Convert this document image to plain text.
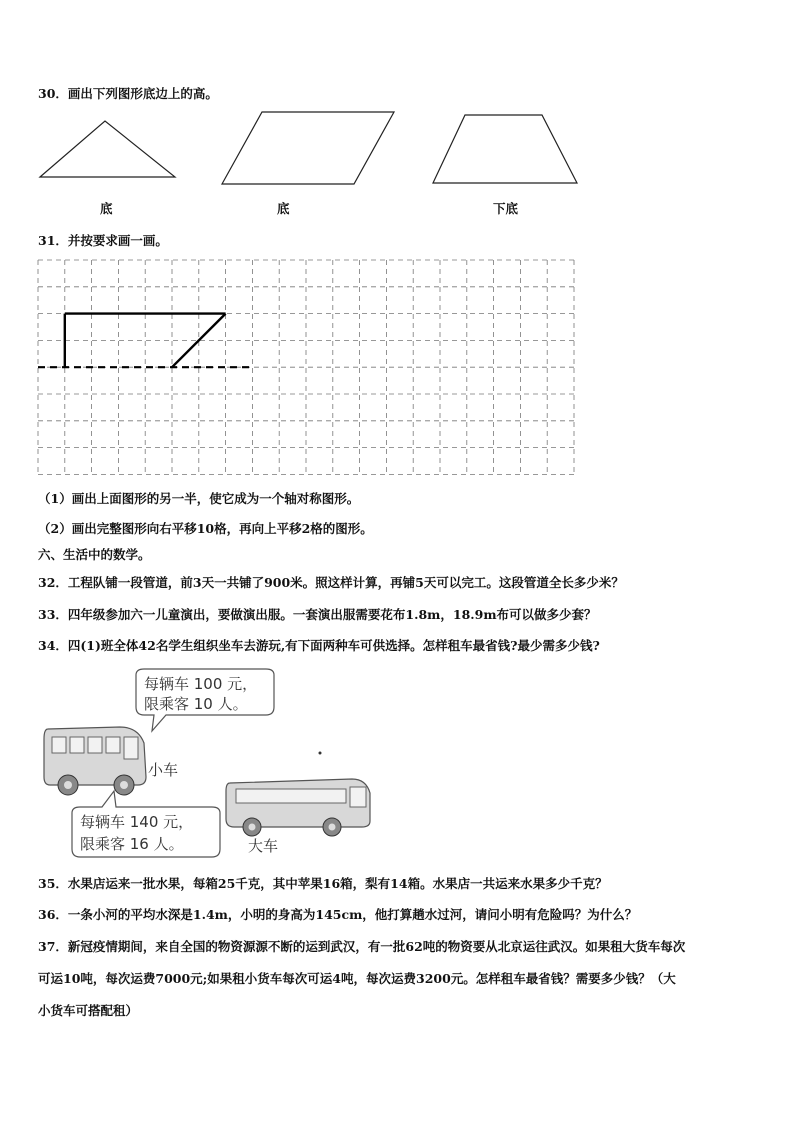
30．画出下列图形底边上的高。
底	底	下底
31．并按要求画一画。
（1）画出上面图形的另一半，使它成为一个轴对称图形。
（2）画出完整图形向右平移10格，再向上平移2格的图形。
六、生活中的数学。
32．工程队铺一段管道，前3天一共铺了900米。照这样计算，再铺5天可以完工。这段管道全长多少米？
33．四年级参加六一儿童演出，要做演出服。一套演出服需要花布1.8m，18.9m布可以做多少套？
34．四(1)班全体42名学生组织坐车去游玩,有下面两种车可供选择。怎样租车最省钱?最少需多少钱?
每辆车 100 元，
限乘客 10 人。
小车
大车
每辆车 140 元，
限乘客 16 人。
35．水果店运来一批水果，每箱25千克，其中苹果16箱，梨有14箱。水果店一共运来水果多少千克？
36．一条小河的平均水深是1.4m，小明的身高为145cm，他打算趟水过河，请问小明有危险吗？为什么？
37．新冠疫情期间，来自全国的物资源源不断的运到武汉，有一批62吨的物资要从北京运往武汉。如果租大货车每次
可运10吨，每次运费7000元;如果租小货车每次可运4吨，每次运费3200元。怎样租车最省钱？需要多少钱？（大
小货车可搭配租）
